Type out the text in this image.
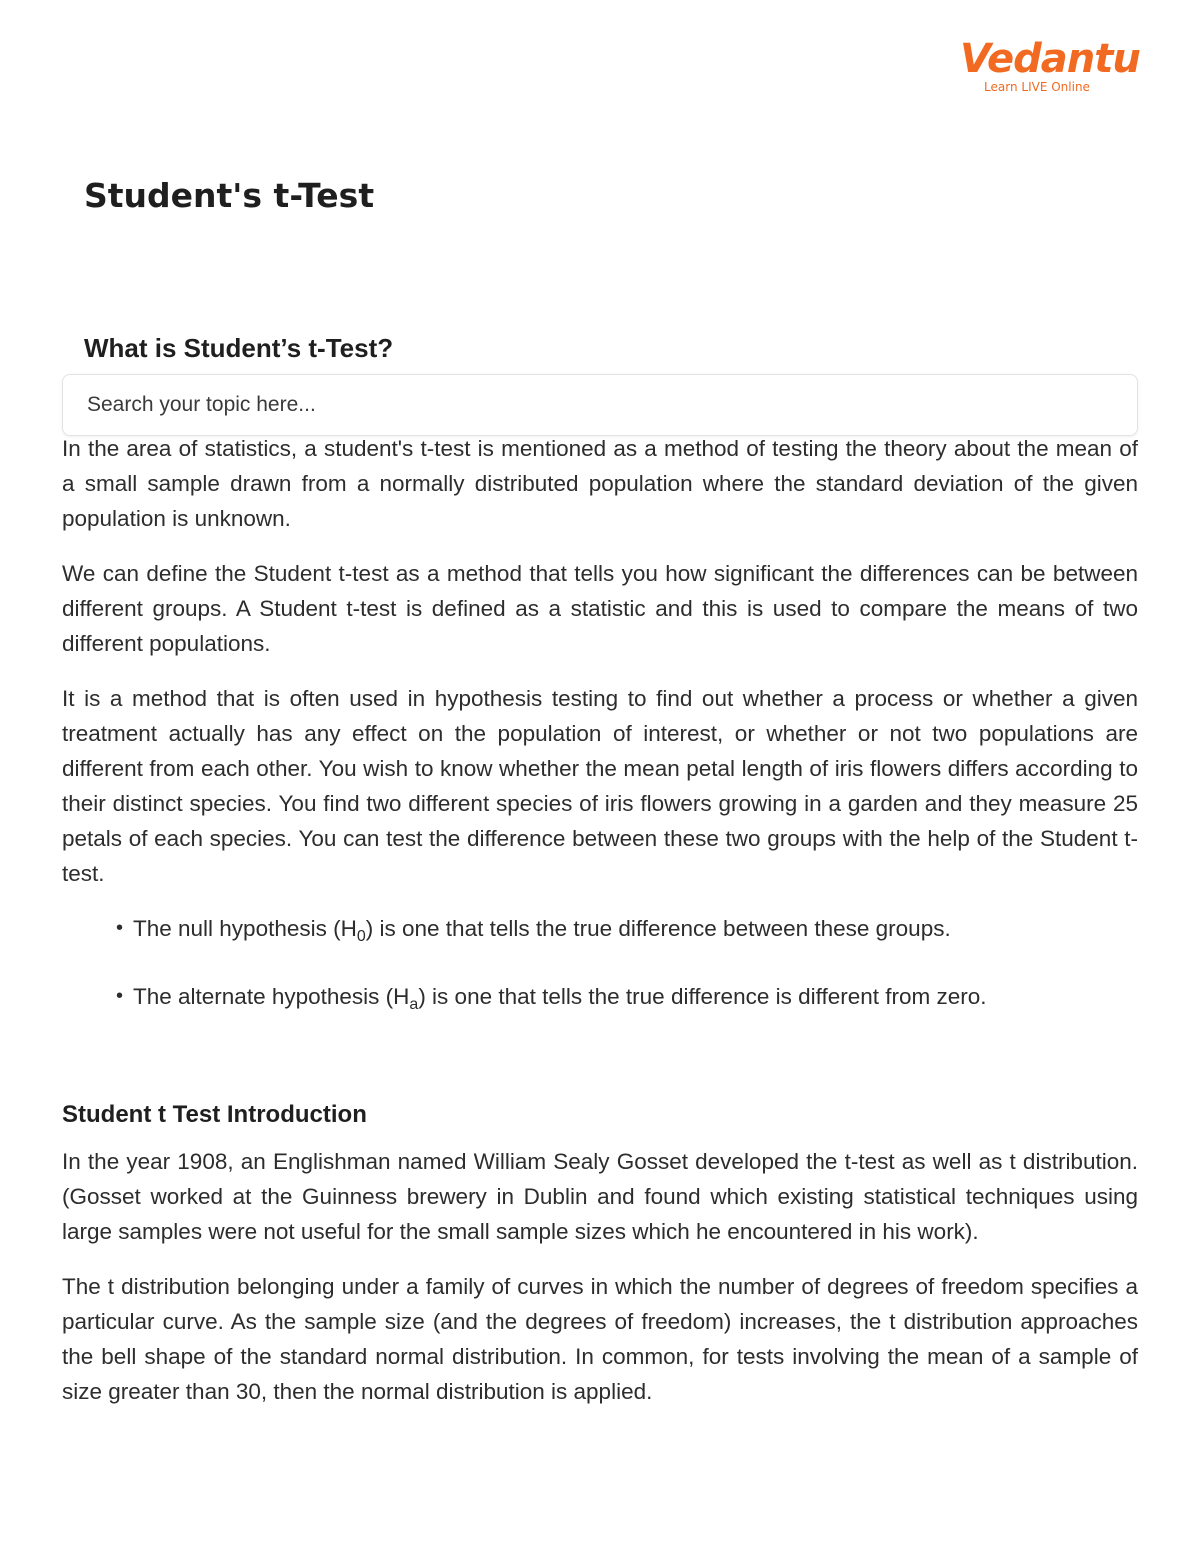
Vedantu
Learn LIVE Online
Student's t-Test
What is Student’s t-Test?
Search your topic here...

In the area of statistics, a student's t-test is mentioned as a method of testing the theory about the mean of a small sample drawn from a normally distributed population where the standard deviation of the given population is unknown.

We can define the Student t-test as a method that tells you how significant the differences can be between different groups. A Student t-test is defined as a statistic and this is used to compare the means of two different populations.

It is a method that is often used in hypothesis testing to find out whether a process or whether a given treatment actually has any effect on the population of interest, or whether or not two populations are different from each other. You wish to know whether the mean petal length of iris flowers differs according to their distinct species. You find two different species of iris flowers growing in a garden and they measure 25 petals of each species. You can test the difference between these two groups with the help of the Student t-test.

• The null hypothesis $(H_0)$ is one that tells the true difference between these groups.
• The alternate hypothesis $(H_a)$ is one that tells the true difference is different from zero.
Student t Test Introduction

In the year 1908, an Englishman named William Sealy Gosset developed the t-test as well as t distribution. (Gosset worked at the Guinness brewery in Dublin and found which existing statistical techniques using large samples were not useful for the small sample sizes which he encountered in his work).

The t distribution belonging under a family of curves in which the number of degrees of freedom specifies a particular curve. As the sample size (and the degrees of freedom) increases, the t distribution approaches the bell shape of the standard normal distribution. In common, for tests involving the mean of a sample of size greater than 30, then the normal distribution is applied.
